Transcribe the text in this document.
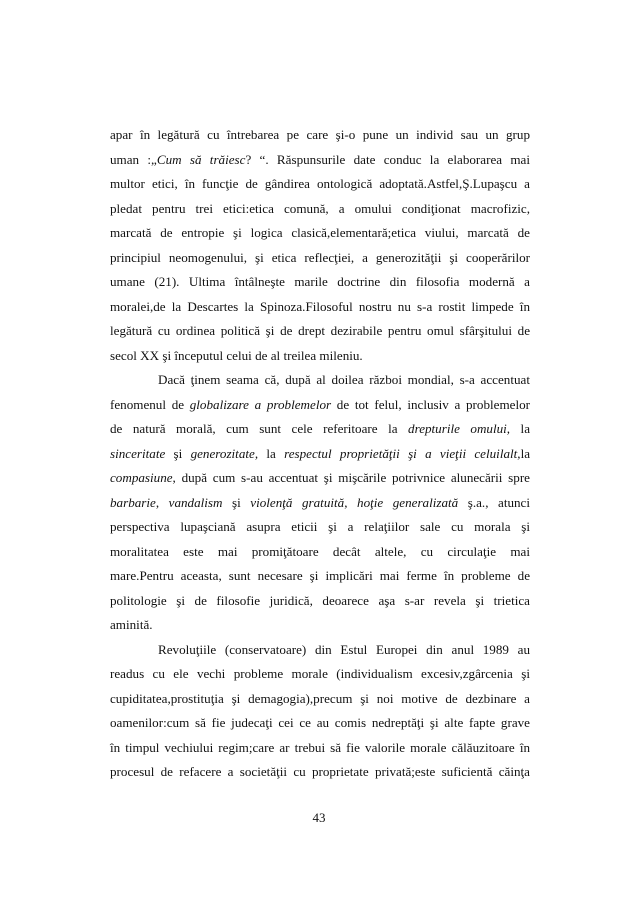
apar în legătură cu întrebarea pe care şi-o pune un individ sau un grup
uman :„Cum să trăiesc? “. Răspunsurile date conduc la elaborarea mai
multor etici, în funcţie de gândirea ontologică adoptată.Astfel,Ş.Lupaşcu a
pledat pentru trei etici:etica comună, a omului condiţionat macrofizic,
marcată de entropie şi logica clasică,elementară;etica viului, marcată de
principiul neomogenului, şi etica reflecţiei, a generozităţii şi cooperărilor
umane (21). Ultima întâlneşte marile doctrine din filosofia modernă a
moralei,de la Descartes la Spinoza.Filosoful nostru nu s-a rostit limpede în
legătură cu ordinea politică şi de drept dezirabile pentru omul sfârşitului de
secol XX şi începutul celui de al treilea mileniu.
Dacă ţinem seama că, după al doilea război mondial, s-a accentuat
fenomenul de globalizare a problemelor de tot felul, inclusiv a problemelor
de natură morală, cum sunt cele referitoare la drepturile omului, la
sinceritate şi generozitate, la respectul proprietăţii şi a vieţii celuilalt,la
compasiune, după cum s-au accentuat şi mişcările potrivnice alunecării spre
barbarie, vandalism şi violenţă gratuită, hoţie generalizată ş.a., atunci
perspectiva lupaşciană asupra eticii şi a relaţiilor sale cu morala şi
moralitatea este mai promiţătoare decât altele, cu circulaţie mai
mare.Pentru aceasta, sunt necesare şi implicări mai ferme în probleme de
politologie şi de filosofie juridică, deoarece aşa s-ar revela şi trietica
aminită.
Revoluţiile (conservatoare) din Estul Europei din anul 1989 au
readus cu ele vechi probleme morale (individualism excesiv,zgârcenia şi
cupiditatea,prostituţia şi demagogia),precum şi noi motive de dezbinare a
oamenilor:cum să fie judecaţi cei ce au comis nedreptăţi şi alte fapte grave
în timpul vechiului regim;care ar trebui să fie valorile morale călăuzitoare în
procesul de refacere a societăţii cu proprietate privată;este suficientă căinţa
43
